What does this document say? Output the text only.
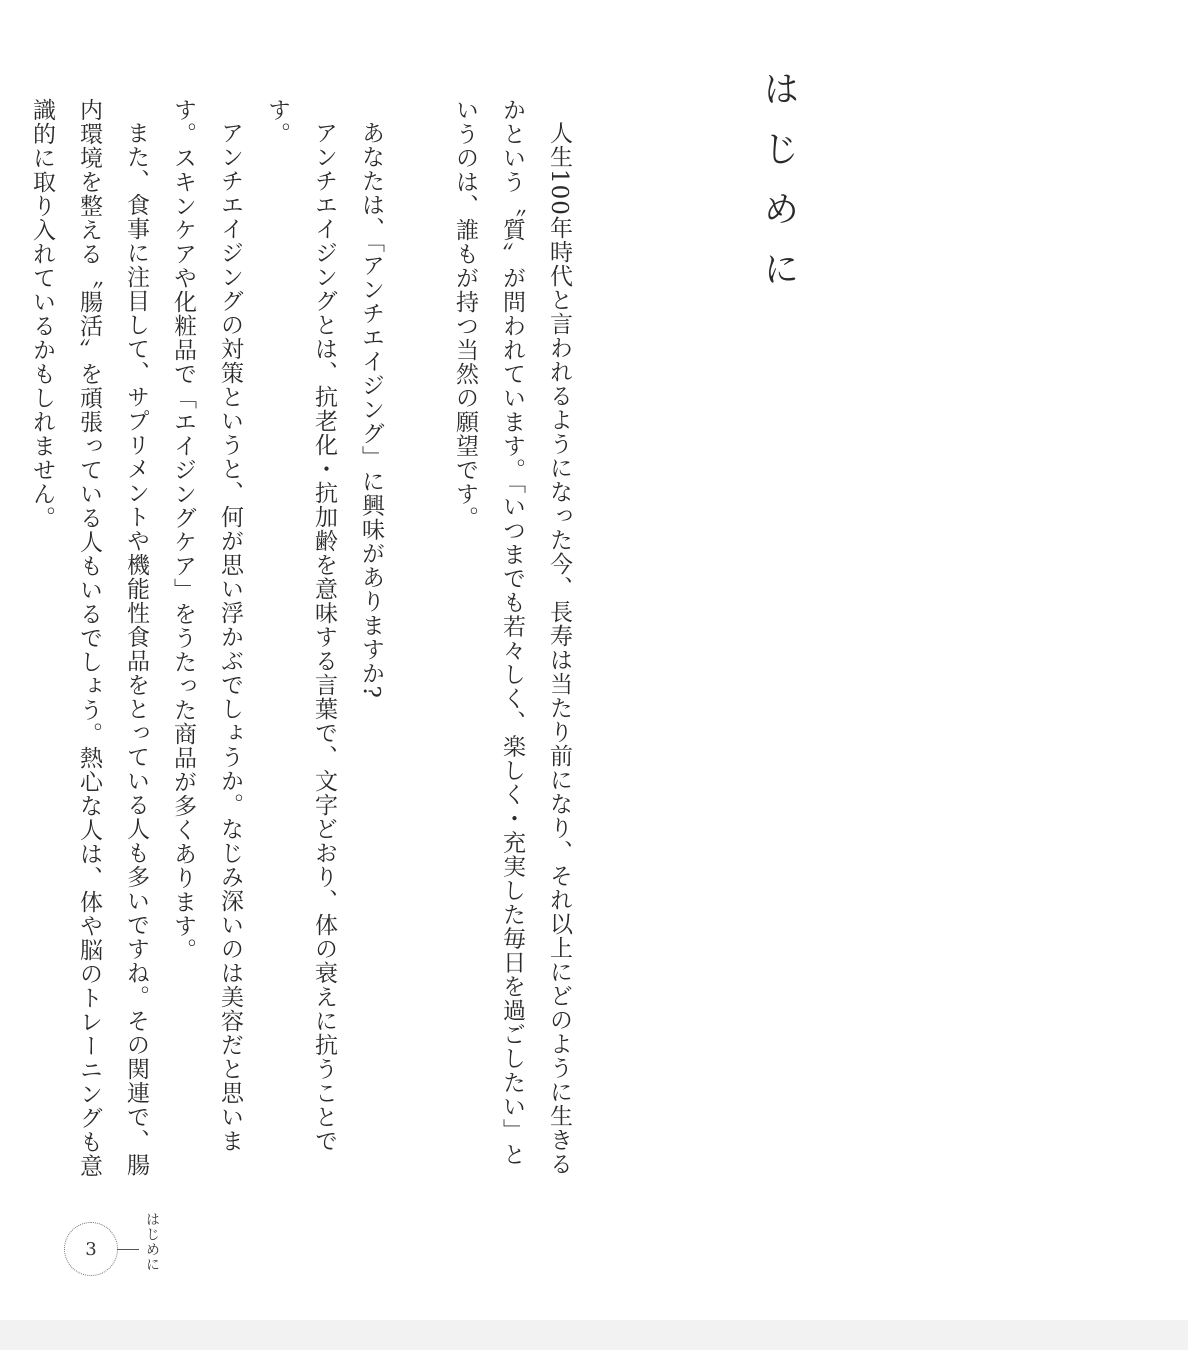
はじめに

人生100年時代と言われるようになった今、長寿は当たり前になり、それ以上にどのように生きるかという〝質〟が問われています。「いつまでも若々しく、楽しく・充実した毎日を過ごしたい」というのは、誰もが持つ当然の願望です。

あなたは、「アンチエイジング」に興味がありますか?

アンチエイジングとは、抗老化・抗加齢を意味する言葉で、文字どおり、体の衰えに抗うことです。

アンチエイジングの対策というと、何が思い浮かぶでしょうか。なじみ深いのは美容だと思います。スキンケアや化粧品で「エイジングケア」をうたった商品が多くあります。

また、食事に注目して、サプリメントや機能性食品をとっている人も多いですね。その関連で、腸内環境を整える〝腸活〟を頑張っている人もいるでしょう。熱心な人は、体や脳のトレーニングも意識的に取り入れているかもしれません。

3	はじめに
